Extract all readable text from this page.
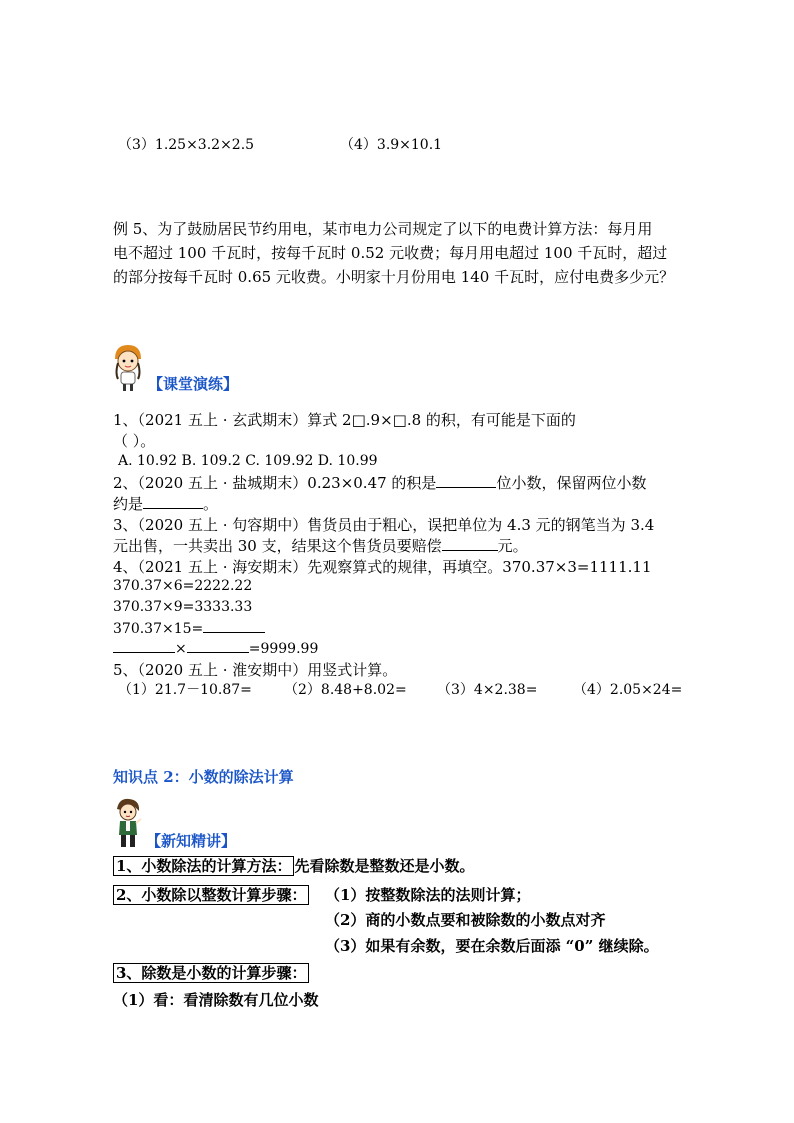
（3）1.25×3.2×2.5	（4）3.9×10.1
例 5、为了鼓励居民节约用电，某市电力公司规定了以下的电费计算方法：每月用
电不超过 100 千瓦时，按每千瓦时 0.52 元收费；每月用电超过 100 千瓦时，超过
的部分按每千瓦时 0.65 元收费。小明家十月份用电 140 千瓦时，应付电费多少元？
【课堂演练】
1、（2021 五上 · 玄武期末）算式 2□.9×□.8 的积，有可能是下面的
（ ）。
A. 10.92 B. 109.2 C. 109.92 D. 10.99
2、（2020 五上 · 盐城期末）0.23×0.47 的积是	位小数，保留两位小数
约是	。
3、（2020 五上 · 句容期中）售货员由于粗心，误把单位为 4.3 元的钢笔当为 3.4
元出售，一共卖出 30 支，结果这个售货员要赔偿	元。
4、（2021 五上 · 海安期末）先观察算式的规律，再填空。370.37×3=1111.11
370.37×6=2222.22
370.37×9=3333.33
370.37×15=
×	=9999.99
5、（2020 五上 · 淮安期中）用竖式计算。
（1）21.7－10.87= （2）8.48+8.02= （3）4×2.38=	（4）2.05×24=
知识点 2：小数的除法计算
【新知精讲】
1、小数除法的计算方法： 先看除数是整数还是小数。
2、小数除以整数计算步骤： （1）按整数除法的法则计算；
（2）商的小数点要和被除数的小数点对齐
（3）如果有余数，要在余数后面添 “0” 继续除。
3、除数是小数的计算步骤：
（1）看：看清除数有几位小数
